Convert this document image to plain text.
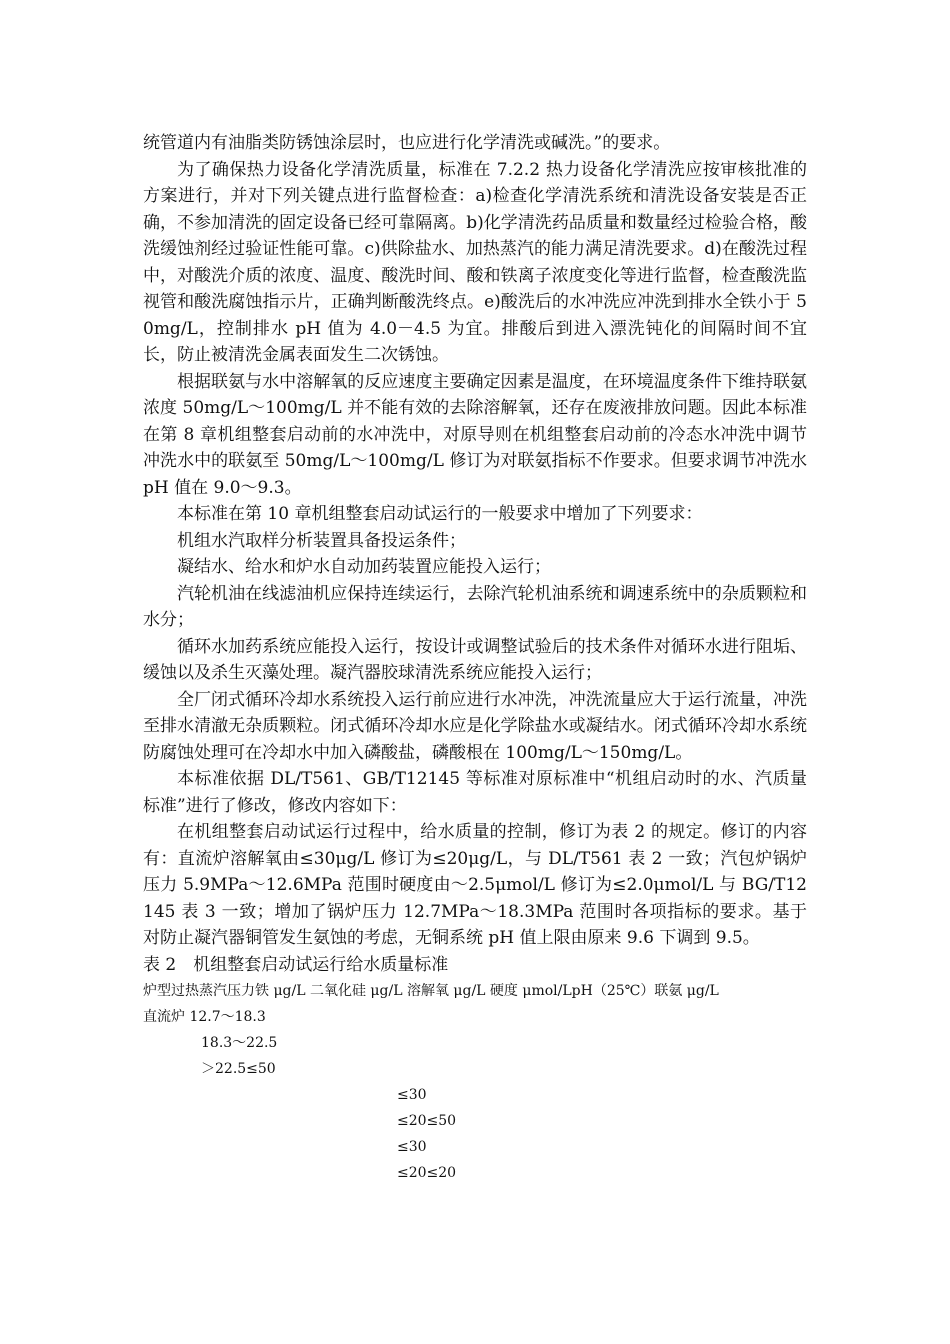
统管道内有油脂类防锈蚀涂层时，也应进行化学清洗或碱洗。”的要求。

为了确保热力设备化学清洗质量，标准在 7.2.2 热力设备化学清洗应按审核批准的方案进行，并对下列关键点进行监督检查：a)检查化学清洗系统和清洗设备安装是否正确，不参加清洗的固定设备已经可靠隔离。b)化学清洗药品质量和数量经过检验合格，酸洗缓蚀剂经过验证性能可靠。c)供除盐水、加热蒸汽的能力满足清洗要求。d)在酸洗过程中，对酸洗介质的浓度、温度、酸洗时间、酸和铁离子浓度变化等进行监督，检查酸洗监视管和酸洗腐蚀指示片，正确判断酸洗终点。e)酸洗后的水冲洗应冲洗到排水全铁小于 50mg/L，控制排水 pH 值为 4.0－4.5 为宜。排酸后到进入漂洗钝化的间隔时间不宜长，防止被清洗金属表面发生二次锈蚀。

根据联氨与水中溶解氧的反应速度主要确定因素是温度，在环境温度条件下维持联氨浓度 50mg/L～100mg/L 并不能有效的去除溶解氧，还存在废液排放问题。因此本标准在第 8 章机组整套启动前的水冲洗中，对原导则在机组整套启动前的冷态水冲洗中调节冲洗水中的联氨至 50mg/L～100mg/L 修订为对联氨指标不作要求。但要求调节冲洗水 pH 值在 9.0～9.3。

本标准在第 10 章机组整套启动试运行的一般要求中增加了下列要求：

机组水汽取样分析装置具备投运条件；

凝结水、给水和炉水自动加药装置应能投入运行；

汽轮机油在线滤油机应保持连续运行，去除汽轮机油系统和调速系统中的杂质颗粒和水分；

循环水加药系统应能投入运行，按设计或调整试验后的技术条件对循环水进行阻垢、缓蚀以及杀生灭藻处理。凝汽器胶球清洗系统应能投入运行；

全厂闭式循环冷却水系统投入运行前应进行水冲洗，冲洗流量应大于运行流量，冲洗至排水清澈无杂质颗粒。闭式循环冷却水应是化学除盐水或凝结水。闭式循环冷却水系统防腐蚀处理可在冷却水中加入磷酸盐，磷酸根在 100mg/L～150mg/L。

本标准依据 DL/T561、GB/T12145 等标准对原标准中“机组启动时的水、汽质量标准”进行了修改，修改内容如下：

在机组整套启动试运行过程中，给水质量的控制，修订为表 2 的规定。修订的内容有：直流炉溶解氧由≤30μg/L 修订为≤20μg/L，与 DL/T561 表 2 一致；汽包炉锅炉压力 5.9MPa～12.6MPa 范围时硬度由～2.5μmol/L 修订为≤2.0μmol/L 与 BG/T12145 表 3 一致；增加了锅炉压力 12.7MPa～18.3MPa 范围时各项指标的要求。基于对防止凝汽器铜管发生氨蚀的考虑，无铜系统 pH 值上限由原来 9.6 下调到 9.5。

表 2　机组整套启动试运行给水质量标准

炉型过热蒸汽压力铁 μg/L 二氧化硅 μg/L 溶解氧 μg/L 硬度 μmol/LpH（25℃）联氨 μg/L

直流炉 12.7～18.3

18.3～22.5

＞22.5≤50

≤30

≤20≤50

≤30

≤20≤20
